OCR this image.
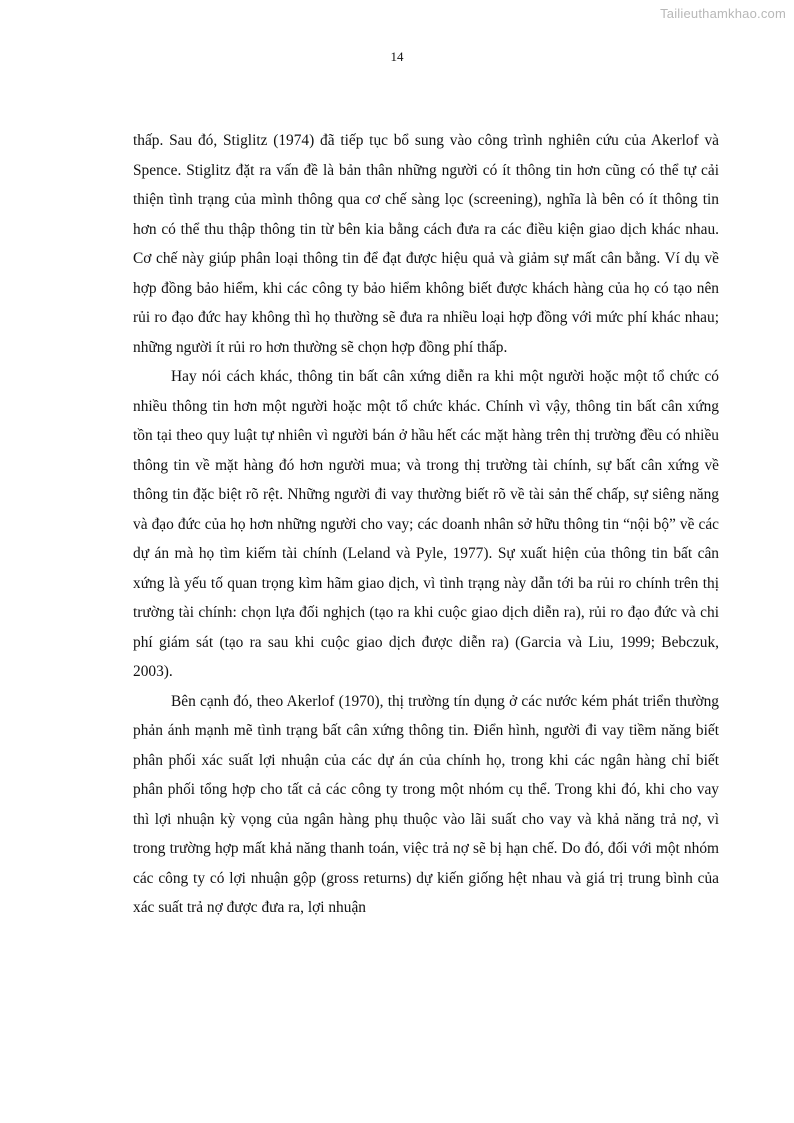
Tailieuthamkhao.com
14

thấp. Sau đó, Stiglitz (1974) đã tiếp tục bổ sung vào công trình nghiên cứu của Akerlof và Spence. Stiglitz đặt ra vấn đề là bản thân những người có ít thông tin hơn cũng có thể tự cải thiện tình trạng của mình thông qua cơ chế sàng lọc (screening), nghĩa là bên có ít thông tin hơn có thể thu thập thông tin từ bên kia bằng cách đưa ra các điều kiện giao dịch khác nhau. Cơ chế này giúp phân loại thông tin để đạt được hiệu quả và giảm sự mất cân bằng. Ví dụ về hợp đồng bảo hiểm, khi các công ty bảo hiểm không biết được khách hàng của họ có tạo nên rủi ro đạo đức hay không thì họ thường sẽ đưa ra nhiều loại hợp đồng với mức phí khác nhau; những người ít rủi ro hơn thường sẽ chọn hợp đồng phí thấp.

Hay nói cách khác, thông tin bất cân xứng diễn ra khi một người hoặc một tổ chức có nhiều thông tin hơn một người hoặc một tổ chức khác. Chính vì vậy, thông tin bất cân xứng tồn tại theo quy luật tự nhiên vì người bán ở hầu hết các mặt hàng trên thị trường đều có nhiều thông tin về mặt hàng đó hơn người mua; và trong thị trường tài chính, sự bất cân xứng về thông tin đặc biệt rõ rệt. Những người đi vay thường biết rõ về tài sản thế chấp, sự siêng năng và đạo đức của họ hơn những người cho vay; các doanh nhân sở hữu thông tin “nội bộ” về các dự án mà họ tìm kiếm tài chính (Leland và Pyle, 1977). Sự xuất hiện của thông tin bất cân xứng là yếu tố quan trọng kìm hãm giao dịch, vì tình trạng này dẫn tới ba rủi ro chính trên thị trường tài chính: chọn lựa đối nghịch (tạo ra khi cuộc giao dịch diễn ra), rủi ro đạo đức và chi phí giám sát (tạo ra sau khi cuộc giao dịch được diễn ra) (Garcia và Liu, 1999; Bebczuk, 2003).

Bên cạnh đó, theo Akerlof (1970), thị trường tín dụng ở các nước kém phát triển thường phản ánh mạnh mẽ tình trạng bất cân xứng thông tin. Điển hình, người đi vay tiềm năng biết phân phối xác suất lợi nhuận của các dự án của chính họ, trong khi các ngân hàng chỉ biết phân phối tổng hợp cho tất cả các công ty trong một nhóm cụ thể. Trong khi đó, khi cho vay thì lợi nhuận kỳ vọng của ngân hàng phụ thuộc vào lãi suất cho vay và khả năng trả nợ, vì trong trường hợp mất khả năng thanh toán, việc trả nợ sẽ bị hạn chế. Do đó, đối với một nhóm các công ty có lợi nhuận gộp (gross returns) dự kiến giống hệt nhau và giá trị trung bình của xác suất trả nợ được đưa ra, lợi nhuận
